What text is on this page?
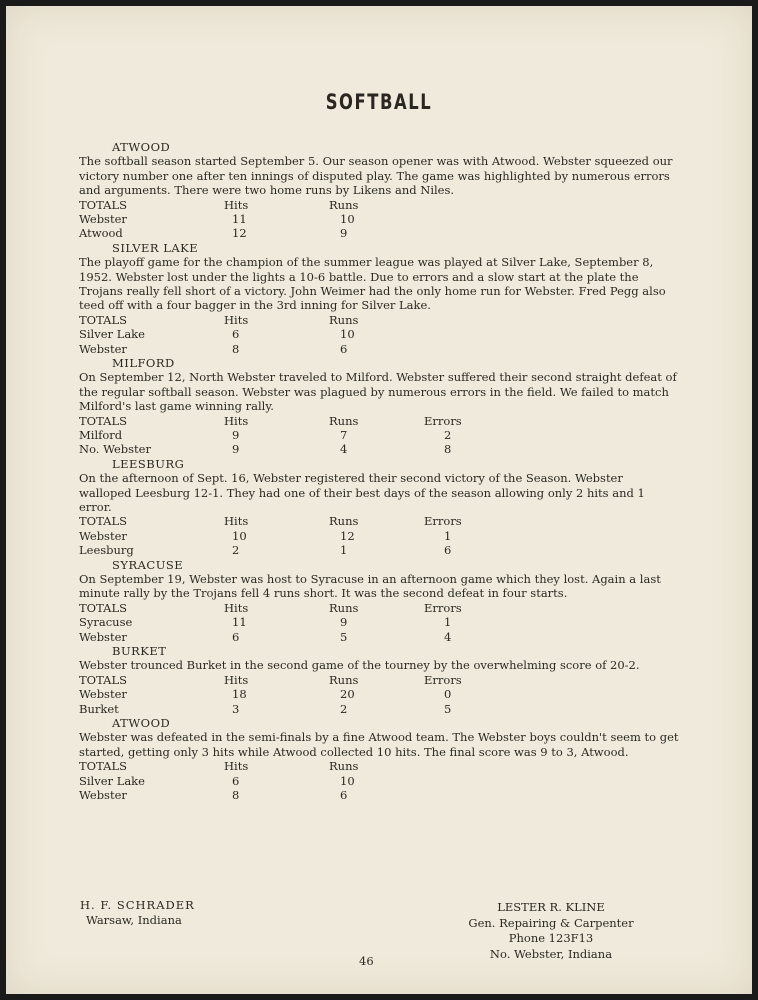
SOFTBALL
ATWOOD

The softball season started September 5. Our season opener was with Atwood. Webster squeezed our victory number one after ten innings of disputed play. The game was highlighted by numerous errors and arguments. There were two home runs by Likens and Niles.

TOTALS	Hits	Runs
Webster	11	10
Atwood	12	9
SILVER LAKE

The playoff game for the champion of the summer league was played at Silver Lake, September 8, 1952. Webster lost under the lights a 10-6 battle. Due to errors and a slow start at the plate the Trojans really fell short of a victory. John Weimer had the only home run for Webster. Fred Pegg also teed off with a four bagger in the 3rd inning for Silver Lake.

TOTALS	Hits	Runs
Silver Lake	6	10
Webster	8	6
MILFORD

On September 12, North Webster traveled to Milford. Webster suffered their second straight defeat of the regular softball season. Webster was plagued by numerous errors in the field. We failed to match Milford's last game winning rally.

TOTALS	Hits	Runs	Errors
Milford	9	7	2
No. Webster	9	4	8
LEESBURG

On the afternoon of Sept. 16, Webster registered their second victory of the Season. Webster walloped Leesburg 12-1. They had one of their best days of the season allowing only 2 hits and 1 error.

TOTALS	Hits	Runs	Errors
Webster	10	12	1
Leesburg	2	1	6
SYRACUSE

On September 19, Webster was host to Syracuse in an afternoon game which they lost. Again a last minute rally by the Trojans fell 4 runs short. It was the second defeat in four starts.

TOTALS	Hits	Runs	Errors
Syracuse	11	9	1
Webster	6	5	4
BURKET

Webster trounced Burket in the second game of the tourney by the overwhelming score of 20-2.

TOTALS	Hits	Runs	Errors
Webster	18	20	0
Burket	3	2	5
ATWOOD

Webster was defeated in the semi-finals by a fine Atwood team. The Webster boys couldn't seem to get started, getting only 3 hits while Atwood collected 10 hits. The final score was 9 to 3, Atwood.

TOTALS	Hits	Runs
Silver Lake	6	10
Webster	8	6
H. F. SCHRADER
Warsaw, Indiana
LESTER R. KLINE
Gen. Repairing & Carpenter
Phone 123F13
No. Webster, Indiana
46
